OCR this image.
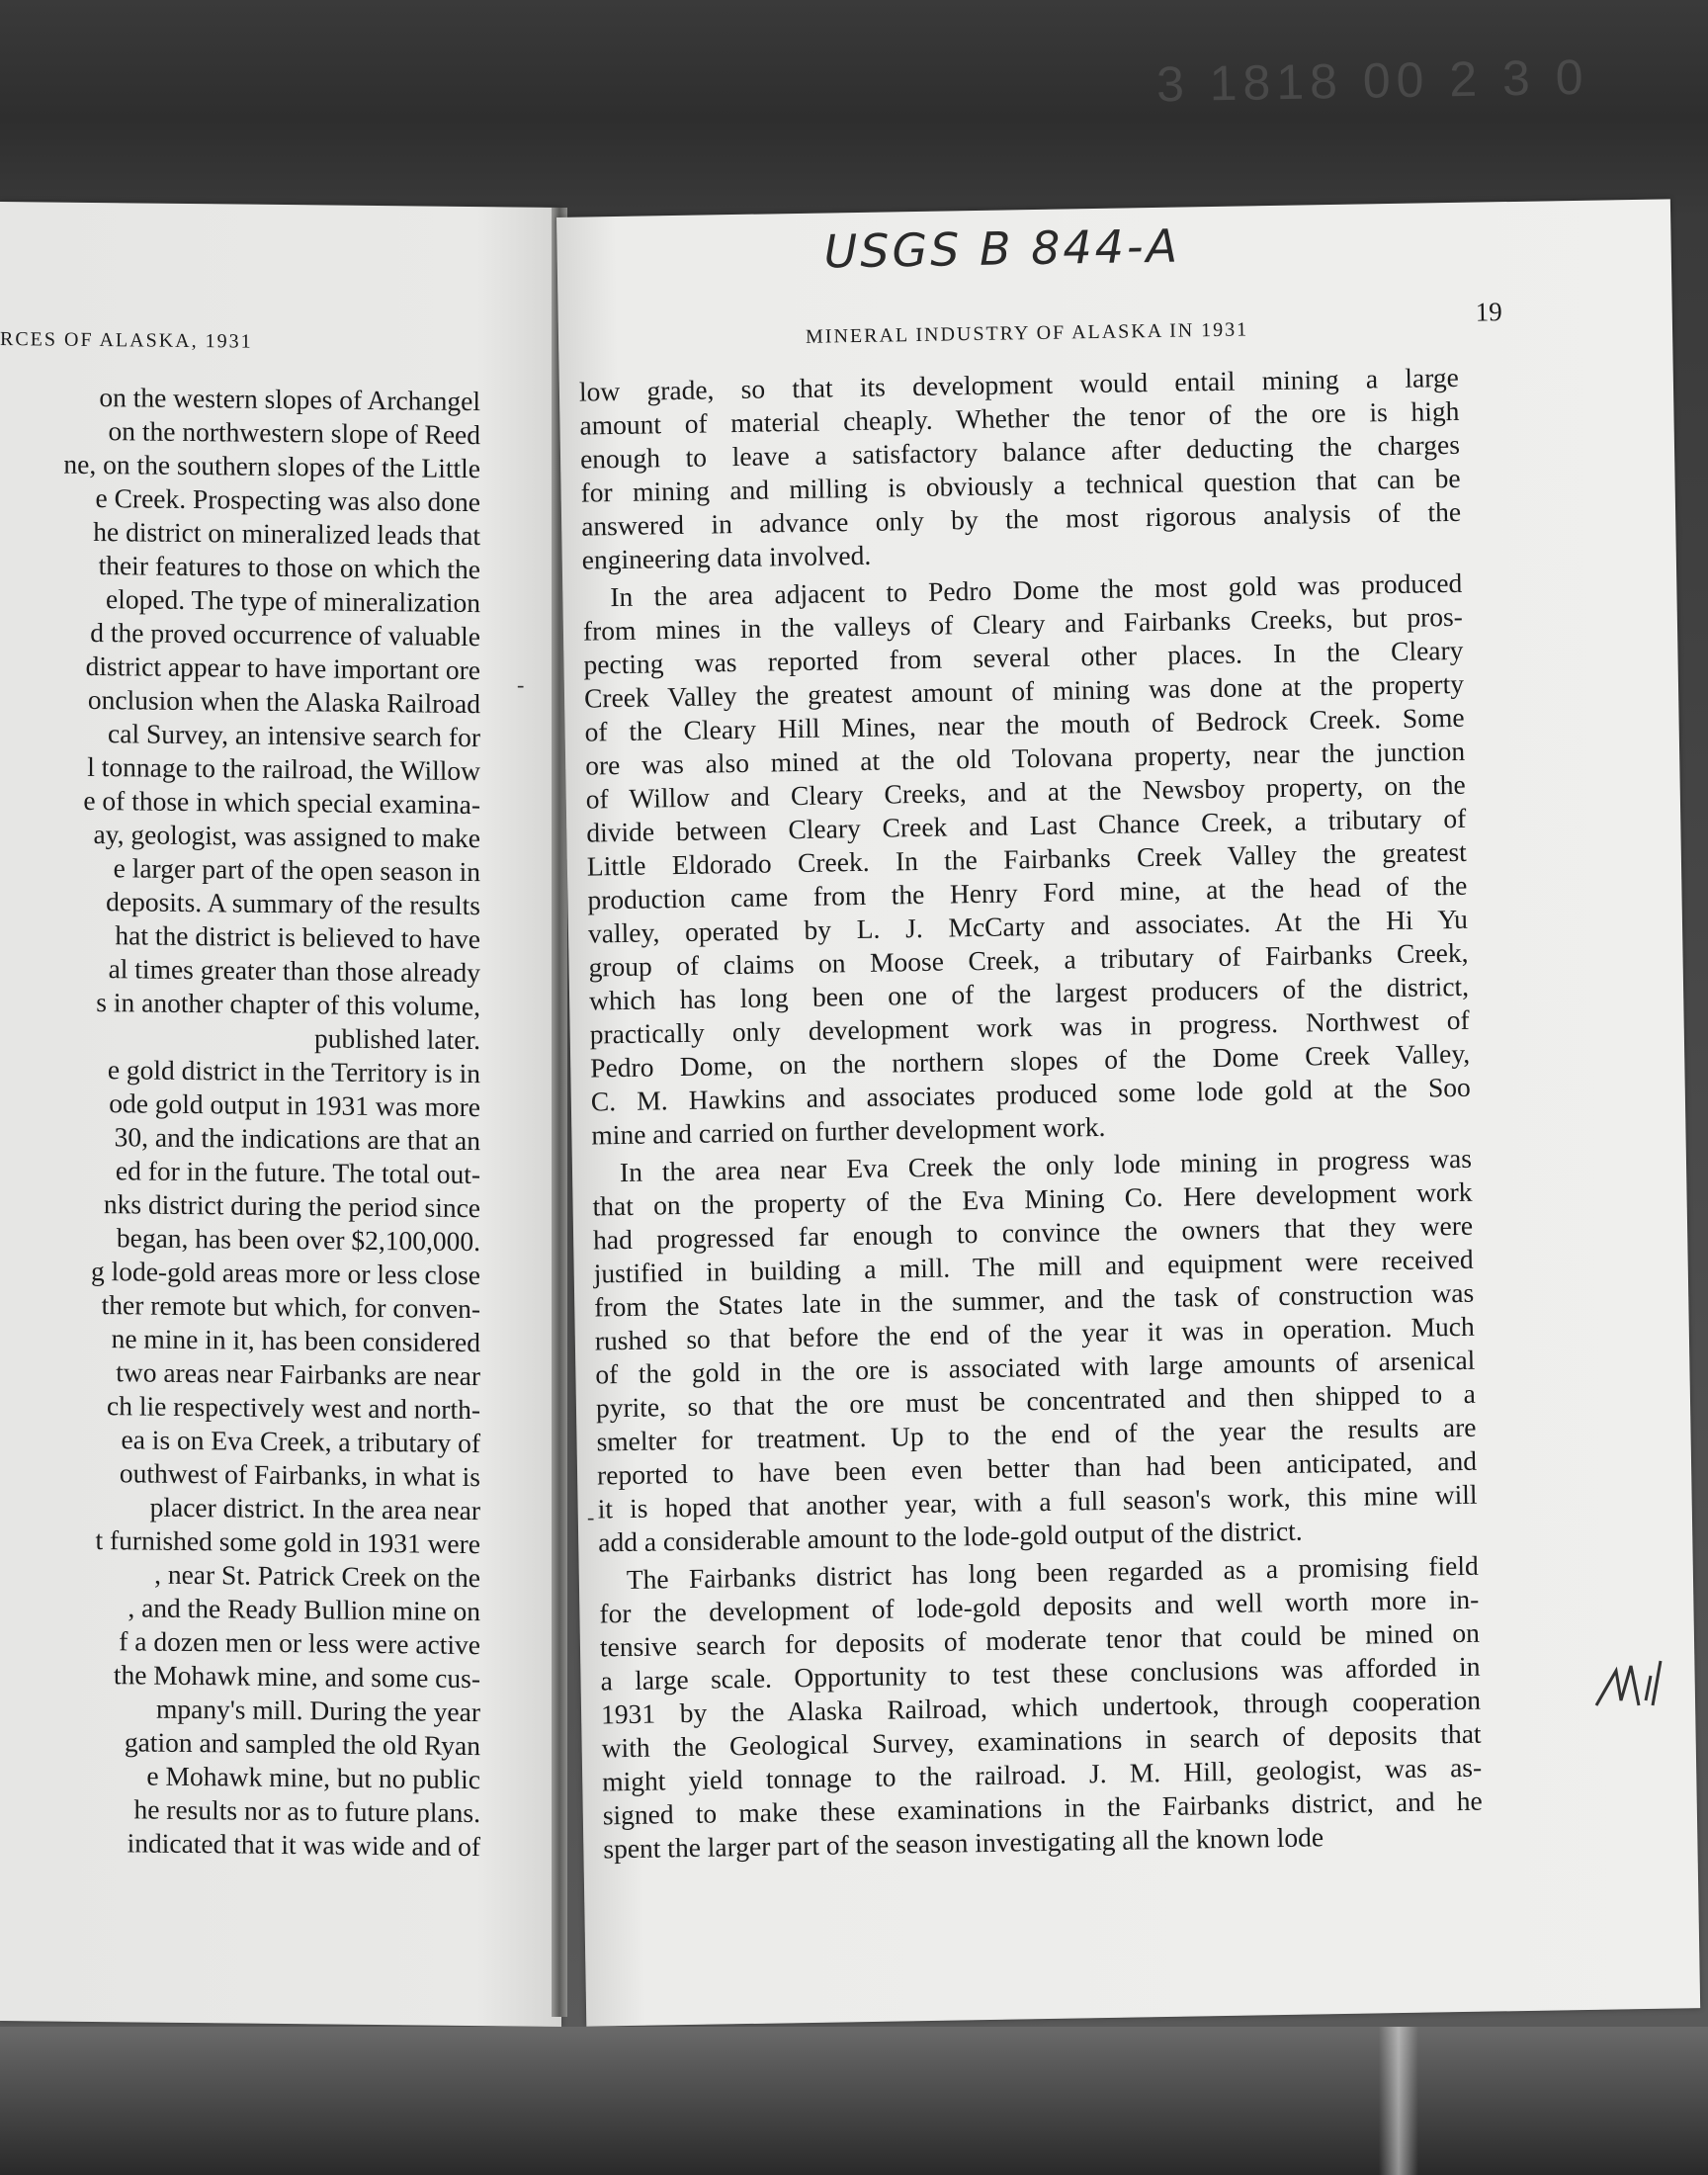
3 1818 00 2 3 0
RCES OF ALASKA, 1931
on the western slopes of Archangel
on the northwestern slope of Reed
ne, on the southern slopes of the Little
e Creek. Prospecting was also done
he district on mineralized leads that
their features to those on which the
eloped. The type of mineralization
d the proved occurrence of valuable
district appear to have important ore
onclusion when the Alaska Railroad
cal Survey, an intensive search for
l tonnage to the railroad, the Willow
e of those in which special examina-
ay, geologist, was assigned to make
e larger part of the open season in
deposits. A summary of the results
hat the district is believed to have
al times greater than those already
s in another chapter of this volume,
published later.
e gold district in the Territory is in
ode gold output in 1931 was more
30, and the indications are that an
ed for in the future. The total out-
nks district during the period since
began, has been over $2,100,000.
g lode-gold areas more or less close
ther remote but which, for conven-
ne mine in it, has been considered
two areas near Fairbanks are near
ch lie respectively west and north-
ea is on Eva Creek, a tributary of
outhwest of Fairbanks, in what is
placer district. In the area near
t furnished some gold in 1931 were
, near St. Patrick Creek on the
, and the Ready Bullion mine on
f a dozen men or less were active
the Mohawk mine, and some cus-
mpany's mill. During the year
gation and sampled the old Ryan
e Mohawk mine, but no public
he results nor as to future plans.
indicated that it was wide and of
USGS B 844-A
MINERAL INDUSTRY OF ALASKA IN 1931
19
low grade, so that its development would entail mining a large
amount of material cheaply. Whether the tenor of the ore is high
enough to leave a satisfactory balance after deducting the charges
for mining and milling is obviously a technical question that can be
answered in advance only by the most rigorous analysis of the
engineering data involved.
In the area adjacent to Pedro Dome the most gold was produced
from mines in the valleys of Cleary and Fairbanks Creeks, but pros-
pecting was reported from several other places. In the Cleary
Creek Valley the greatest amount of mining was done at the property
of the Cleary Hill Mines, near the mouth of Bedrock Creek. Some
ore was also mined at the old Tolovana property, near the junction
of Willow and Cleary Creeks, and at the Newsboy property, on the
divide between Cleary Creek and Last Chance Creek, a tributary of
Little Eldorado Creek. In the Fairbanks Creek Valley the greatest
production came from the Henry Ford mine, at the head of the
valley, operated by L. J. McCarty and associates. At the Hi Yu
group of claims on Moose Creek, a tributary of Fairbanks Creek,
which has long been one of the largest producers of the district,
practically only development work was in progress. Northwest of
Pedro Dome, on the northern slopes of the Dome Creek Valley,
C. M. Hawkins and associates produced some lode gold at the Soo
mine and carried on further development work.
In the area near Eva Creek the only lode mining in progress was
that on the property of the Eva Mining Co. Here development work
had progressed far enough to convince the owners that they were
justified in building a mill. The mill and equipment were received
from the States late in the summer, and the task of construction was
rushed so that before the end of the year it was in operation. Much
of the gold in the ore is associated with large amounts of arsenical
pyrite, so that the ore must be concentrated and then shipped to a
smelter for treatment. Up to the end of the year the results are
reported to have been even better than had been anticipated, and
it is hoped that another year, with a full season's work, this mine will
add a considerable amount to the lode-gold output of the district.
The Fairbanks district has long been regarded as a promising field
for the development of lode-gold deposits and well worth more in-
tensive search for deposits of moderate tenor that could be mined on
a large scale. Opportunity to test these conclusions was afforded in
1931 by the Alaska Railroad, which undertook, through cooperation
with the Geological Survey, examinations in search of deposits that
might yield tonnage to the railroad. J. M. Hill, geologist, was as-
signed to make these examinations in the Fairbanks district, and he
spent the larger part of the season investigating all the known lode
-
-
